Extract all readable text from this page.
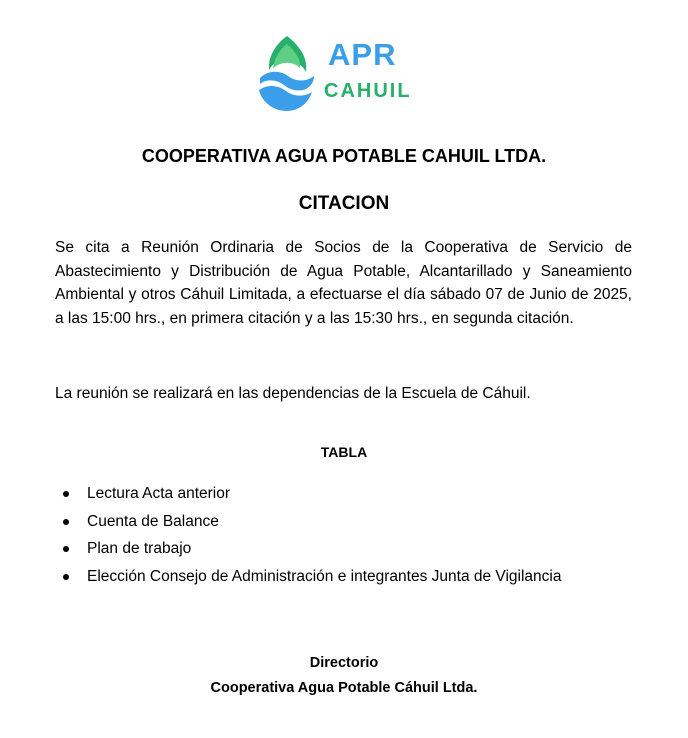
APR
CAHUIL
COOPERATIVA AGUA POTABLE CAHUIL LTDA.
CITACION

Se cita a Reunión Ordinaria de Socios de la Cooperativa de Servicio de Abastecimiento y Distribución de Agua Potable, Alcantarillado y Saneamiento Ambiental y otros Cáhuil Limitada, a efectuarse el día sábado 07 de Junio de 2025, a las 15:00 hrs., en primera citación y a las 15:30 hrs., en segunda citación.

La reunión se realizará en las dependencias de la Escuela de Cáhuil.

TABLA
Lectura Acta anterior
Cuenta de Balance
Plan de trabajo
Elección Consejo de Administración e integrantes Junta de Vigilancia
Directorio
Cooperativa Agua Potable Cáhuil Ltda.
